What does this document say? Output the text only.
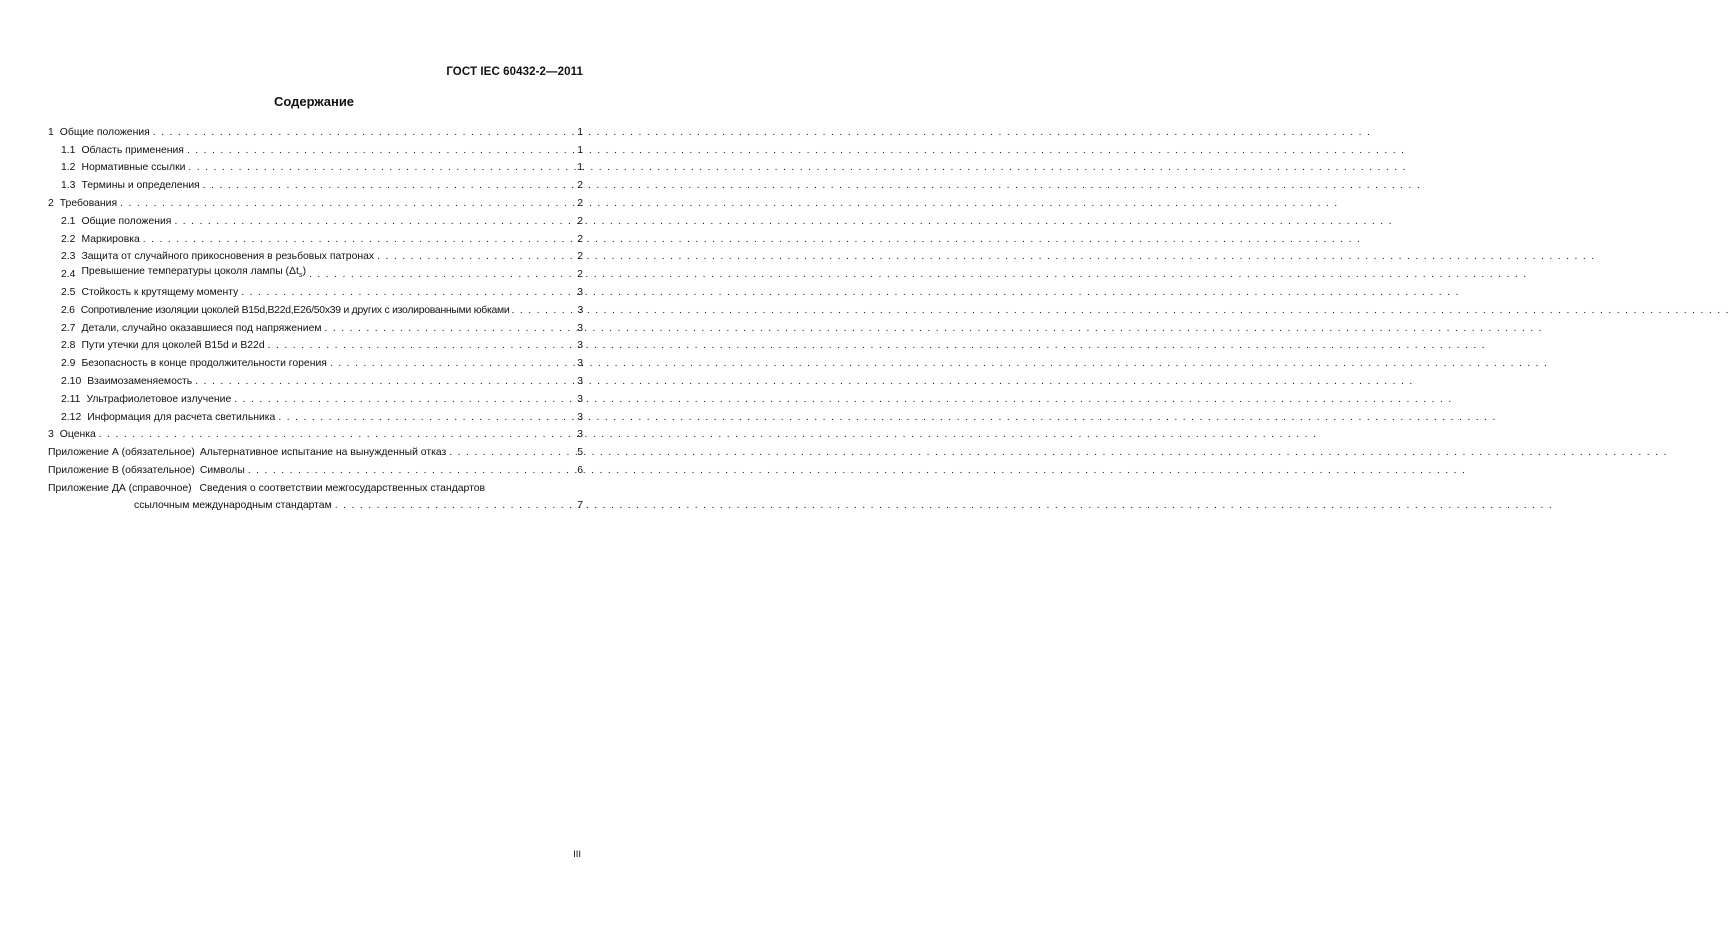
ГОСТ IEC 60432-2—2011
Содержание
1 Общие положения . . .	1
1.1 Область применения . . .	1
1.2 Нормативные ссылки . . .	1
1.3 Термины и определения . . .	2
2 Требования . . .	2
2.1 Общие положения . . .	2
2.2 Маркировка . . .	2
2.3 Защита от случайного прикосновения в резьбовых патронах . . .	2
2.4 Превышение температуры цоколя лампы $(\Delta t_s)$ . . .	2
2.5 Стойкость к крутящему моменту . . .	3
2.6 Сопротивление изоляции цоколей B15d,B22d,E26/50x39 и других с изолированными юбками . . .	3
2.7 Детали, случайно оказавшиеся под напряжением . . .	3
2.8 Пути утечки для цоколей B15d и B22d . . .	3
2.9 Безопасность в конце продолжительности горения . . .	3
2.10 Взаимозаменяемость . . .	3
2.11 Ультрафиолетовое излучение . . .	3
2.12 Информация для расчета светильника . . .	3
3 Оценка . . .	3
Приложение А (обязательное) Альтернативное испытание на вынужденный отказ . . .	5
Приложение В (обязательное) Символы . . .	6
Приложение ДА (справочное) Сведения о соответствии межгосударственных стандартов
ссылочным международным стандартам . . .	7
III
